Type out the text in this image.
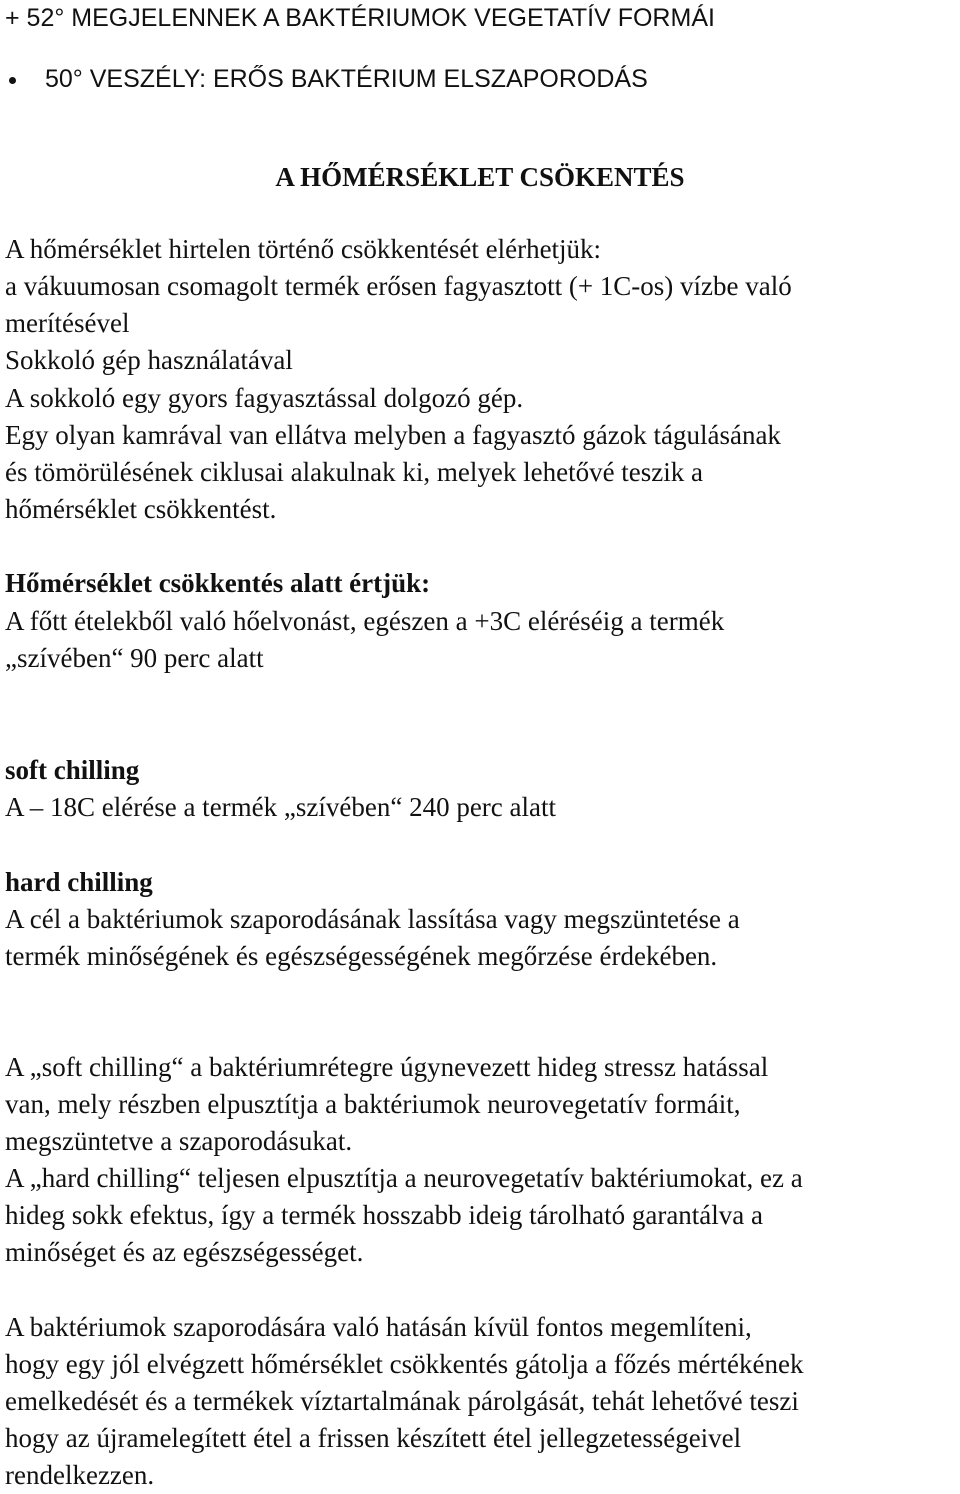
+ 52° MEGJELENNEK A BAKTÉRIUMOK VEGETATÍV FORMÁI
50° VESZÉLY: ERŐS BAKTÉRIUM ELSZAPORODÁS
A HŐMÉRSÉKLET CSÖKENTÉS
A hőmérséklet hirtelen történő csökkentését elérhetjük:
a vákuumosan csomagolt termék erősen fagyasztott (+ 1C-os) vízbe való
merítésével
Sokkoló gép használatával
A sokkoló egy gyors fagyasztással dolgozó gép.
Egy olyan kamrával van ellátva melyben a fagyasztó gázok tágulásának
és tömörülésének ciklusai alakulnak ki, melyek lehetővé teszik a
hőmérséklet csökkentést.
Hőmérséklet csökkentés alatt értjük:
A főtt ételekből való hőelvonást, egészen a +3C eléréséig a termék
„szívében“ 90 perc alatt
soft chilling
A – 18C elérése a termék „szívében“ 240 perc alatt
hard chilling
A cél a baktériumok szaporodásának lassítása vagy megszüntetése a
termék minőségének és egészségességének megőrzése érdekében.
A „soft chilling“ a baktériumrétegre úgynevezett hideg stressz hatással
van, mely részben elpusztítja a baktériumok neurovegetatív formáit,
megszüntetve a szaporodásukat.
A „hard chilling“ teljesen elpusztítja a neurovegetatív baktériumokat, ez a
hideg sokk efektus, így a termék hosszabb ideig tárolható garantálva a
minőséget és az egészségességet.
A baktériumok szaporodására való hatásán kívül fontos megemlíteni,
hogy egy jól elvégzett hőmérséklet csökkentés gátolja a főzés mértékének
emelkedését és a termékek víztartalmának párolgását, tehát lehetővé teszi
hogy az újramelegített étel a frissen készített étel jellegzetességeivel
rendelkezzen.
